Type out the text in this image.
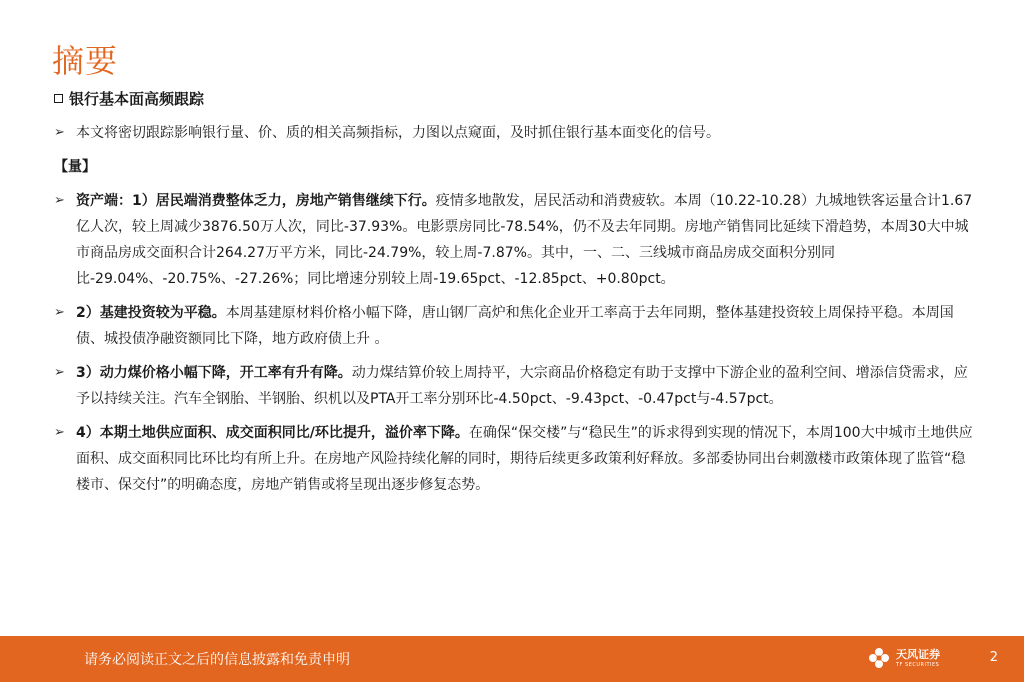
摘要
银行基本面高频跟踪
➢ 本文将密切跟踪影响银行量、价、质的相关高频指标，力图以点窥面，及时抓住银行基本面变化的信号。
【量】
➢ 资产端：1）居民端消费整体乏力，房地产销售继续下行。疫情多地散发，居民活动和消费疲软。本周（10.22-10.28）九城地铁客运量合计1.67亿人次，较上周减少3876.50万人次，同比-37.93%。电影票房同比-78.54%，仍不及去年同期。房地产销售同比延续下滑趋势，本周30大中城市商品房成交面积合计264.27万平方米，同比-24.79%，较上周-7.87%。其中，一、二、三线城市商品房成交面积分别同比-29.04%、-20.75%、-27.26%；同比增速分别较上周-19.65pct、-12.85pct、+0.80pct。
➢ 2）基建投资较为平稳。本周基建原材料价格小幅下降，唐山钢厂高炉和焦化企业开工率高于去年同期，整体基建投资较上周保持平稳。本周国债、城投债净融资额同比下降，地方政府债上升 。
➢ 3）动力煤价格小幅下降，开工率有升有降。动力煤结算价较上周持平，大宗商品价格稳定有助于支撑中下游企业的盈利空间、增添信贷需求，应予以持续关注。汽车全钢胎、半钢胎、织机以及PTA开工率分别环比-4.50pct、-9.43pct、-0.47pct与-4.57pct。
➢ 4）本期土地供应面积、成交面积同比/环比提升，溢价率下降。在确保“保交楼”与“稳民生”的诉求得到实现的情况下，本周100大中城市土地供应面积、成交面积同比环比均有所上升。在房地产风险持续化解的同时，期待后续更多政策利好释放。多部委协同出台刺激楼市政策体现了监管“稳楼市、保交付”的明确态度，房地产销售或将呈现出逐步修复态势。
请务必阅读正文之后的信息披露和免责申明	天风证券
TF SECURITIES	2
